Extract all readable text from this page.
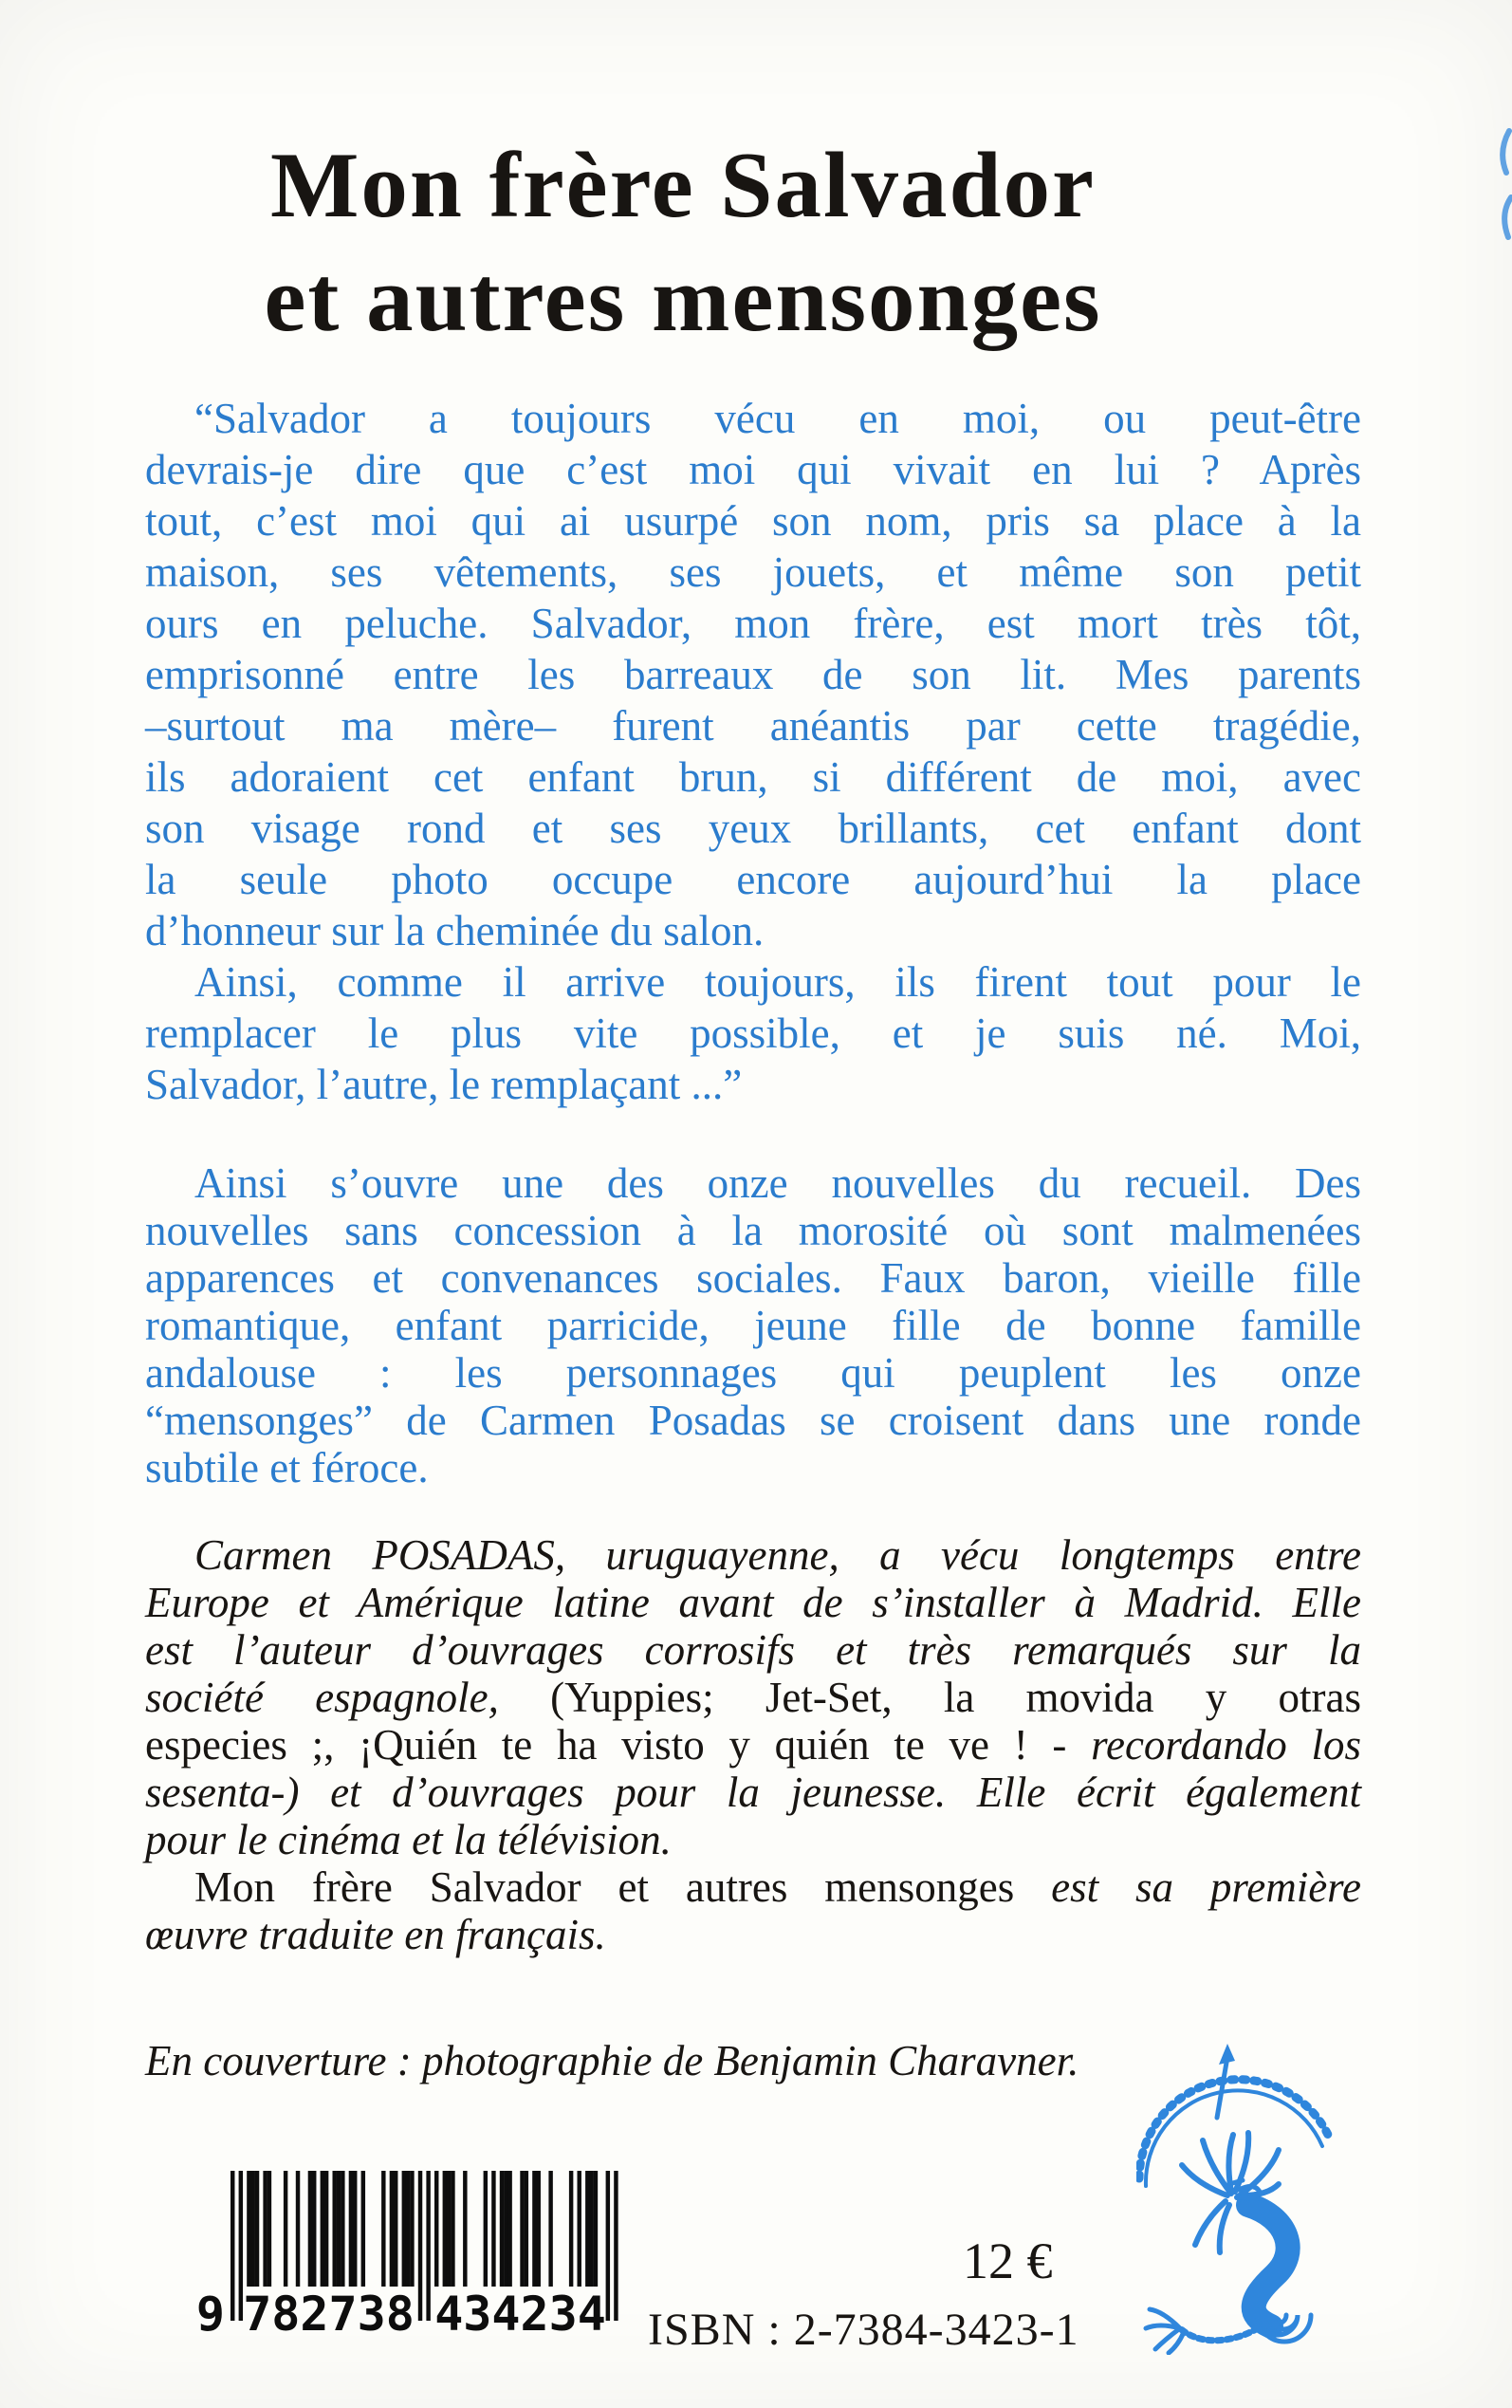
Mon frère Salvador
et autres mensonges
“Salvador a toujours vécu en moi, ou peut-être
devrais-je dire que c’est moi qui vivait en lui ? Après
tout, c’est moi qui ai usurpé son nom, pris sa place à la
maison, ses vêtements, ses jouets, et même son petit
ours en peluche. Salvador, mon frère, est mort très tôt,
emprisonné entre les barreaux de son lit. Mes parents
–surtout ma mère– furent anéantis par cette tragédie,
ils adoraient cet enfant brun, si différent de moi, avec
son visage rond et ses yeux brillants, cet enfant dont
la seule photo occupe encore aujourd’hui la place
d’honneur sur la cheminée du salon.
Ainsi, comme il arrive toujours, ils firent tout pour le
remplacer le plus vite possible, et je suis né. Moi,
Salvador, l’autre, le remplaçant ...”
Ainsi s’ouvre une des onze nouvelles du recueil. Des
nouvelles sans concession à la morosité où sont malmenées
apparences et convenances sociales. Faux baron, vieille fille
romantique, enfant parricide, jeune fille de bonne famille
andalouse : les personnages qui peuplent les onze
“mensonges” de Carmen Posadas se croisent dans une ronde
subtile et féroce.
Carmen POSADAS, uruguayenne, a vécu longtemps entre
Europe et Amérique latine avant de s’installer à Madrid. Elle
est l’auteur d’ouvrages corrosifs et très remarqués sur la
société espagnole, (Yuppies; Jet-Set, la movida y otras
especies ;, ¡Quién te ha visto y quién te ve ! - recordando los
sesenta-) et d’ouvrages pour la jeunesse. Elle écrit également
pour le cinéma et la télévision.
Mon frère Salvador et autres mensonges est sa première
œuvre traduite en français.
En couverture : photographie de Benjamin Charavner.
9 782738 434234
12 €
ISBN : 2-7384-3423-1
